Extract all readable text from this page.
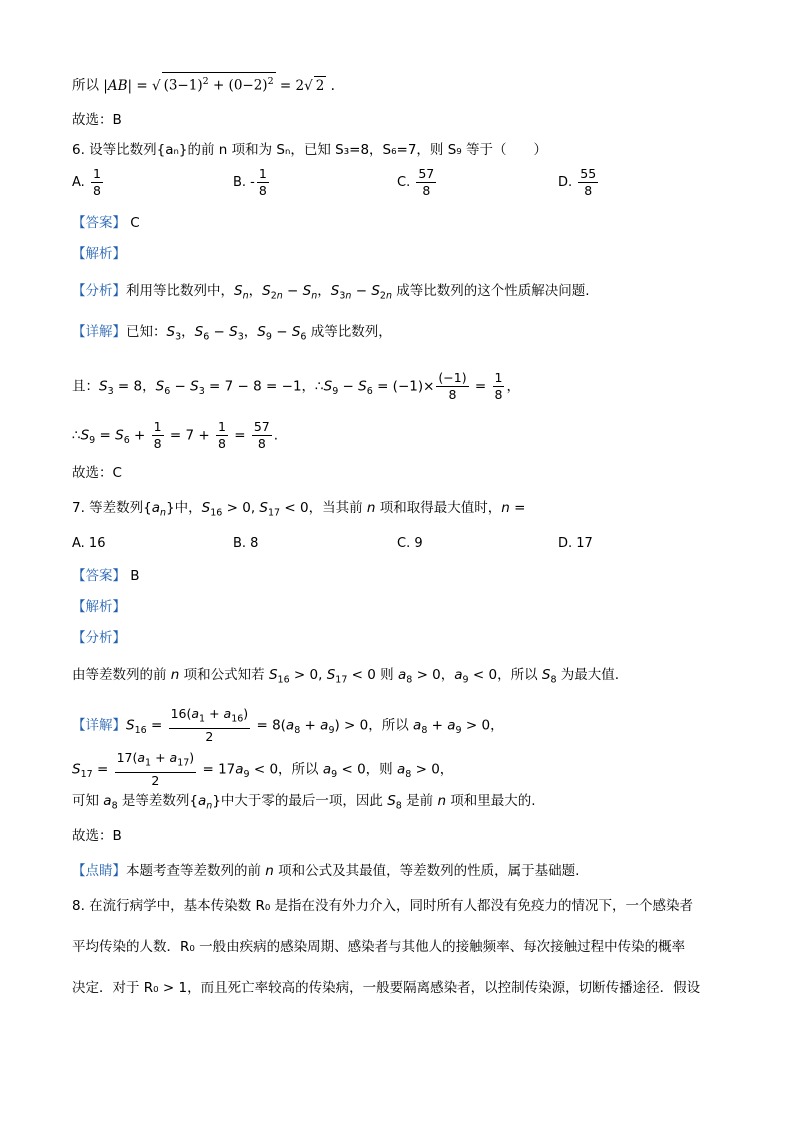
所以 |AB| = √ $(3-1)^2 + (0-2)^2 = 2√$ 2 .
故选：B
6. 设等比数列{aₙ}的前 n 项和为 Sₙ，已知 S₃=8，S₆=7，则 S₉ 等于（　　）
A. $\frac{1}{8}$	B. - $\frac{1}{8}$	C. $\frac{57}{8}$	D. $\frac{55}{8}$
【答案】 C
【解析】
【分析】利用等比数列中，$S_n$，$S_{2n} - S_n$，$S_{3n} - S_{2n}$ 成等比数列的这个性质解决问题.
【详解】已知：$S_3$，$S_6 - S_3$，$S_9 - S_6$ 成等比数列，
且：$S_3 = 8$，$S_6 - S_3 = 7 - 8 = -1$，$\therefore S_9 - S_6 = (-1)\times \frac{(-1)}{8} = \frac{1}{8}$ ，
$\therefore S_9 = S_6 + \frac{1}{8} = 7 + \frac{1}{8} = \frac{57}{8}$ .
故选：C
7. 等差数列$\{a_n\}$中，$S_{16} > 0$, $S_{17} < 0$，当其前 n 项和取得最大值时，n =
A. 16	B. 8	C. 9	D. 17
【答案】 B
【解析】
【分析】
由等差数列的前 n 项和公式知若 $S_{16} > 0$, $S_{17} < 0$ 则 $a_8 > 0$，$a_9 < 0$，所以 $S_8$ 为最大值.
【详解】$S_{16} = \frac{16(a_1 + a_{16})}{2} = 8(a_8 + a_9) > 0$，所以 $a_8 + a_9 > 0$，
$S_{17} = \frac{17(a_1 + a_{17})}{2} = 17a_9 < 0$，所以 $a_9 < 0$，则 $a_8 > 0$，
可知 $a_8$ 是等差数列$\{a_n\}$中大于零的最后一项，因此 $S_8$ 是前 n 项和里最大的.
故选：B
【点睛】本题考查等差数列的前 n 项和公式及其最值，等差数列的性质，属于基础题.
8. 在流行病学中，基本传染数 R₀ 是指在没有外力介入，同时所有人都没有免疫力的情况下，一个感染者
平均传染的人数．R₀ 一般由疾病的感染周期、感染者与其他人的接触频率、每次接触过程中传染的概率
决定．对于 R₀ > 1，而且死亡率较高的传染病，一般要隔离感染者，以控制传染源，切断传播途径．假设
